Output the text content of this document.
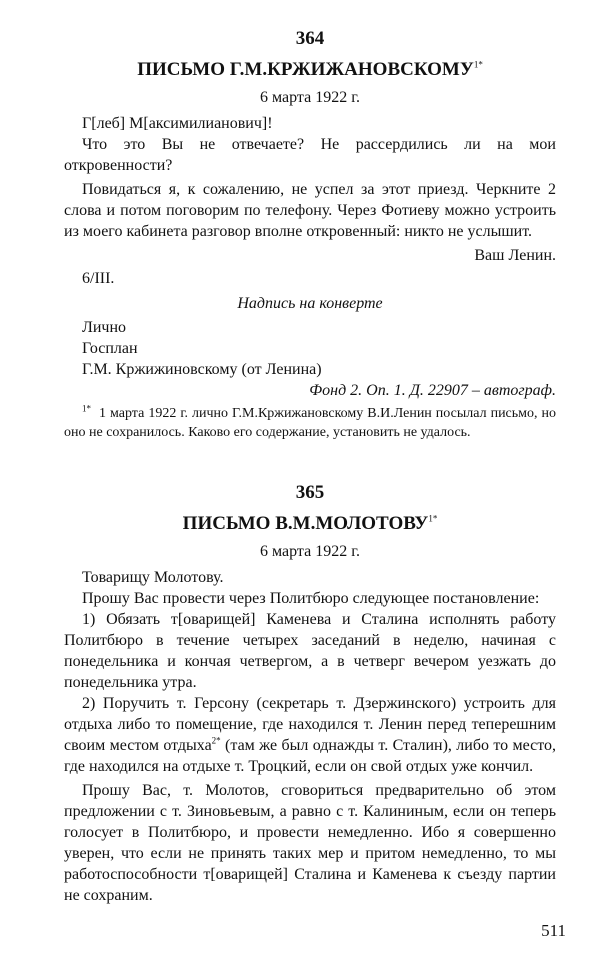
364
ПИСЬМО $Г.М.КРЖИЖАНОВСКОМУ^{1*}$
6 марта 1922 г.

Г[леб] М[аксимилианович]!

Что это Вы не отвечаете? Не рассердились ли на мои откровенности?

Повидаться я, к сожалению, не успел за этот приезд. Черкните 2 слова и потом поговорим по телефону. Через Фотиеву можно устроить из моего кабинета разговор вполне откровенный: никто не услышит.

Ваш Ленин.

6/III.

Надпись на конверте
Лично
Госплан
Г.М. Кржижиновскому (от Ленина)
Фонд 2. Оп. 1. Д. 22907 – автограф.
$^{1*}$ 1 марта 1922 г. лично Г.М.Кржижановскому В.И.Ленин посылал письмо, но оно не сохранилось. Каково его содержание, установить не удалось.
365
ПИСЬМО $В.М.МОЛОТОВУ^{1*}$
6 марта 1922 г.

Товарищу Молотову.

Прошу Вас провести через Политбюро следующее постановление:

1) Обязать т[оварищей] Каменева и Сталина исполнять работу Политбюро в течение четырех заседаний в неделю, начиная с понедельника и кончая четвергом, а в четверг вечером уезжать до понедельника утра.

2) Поручить т. Герсону (секретарь т. Дзержинского) устроить для отдыха либо то помещение, где находился т. Ленин перед теперешним своим местом отдыха$^{2*}$ (там же был однажды т. Сталин), либо то место, где находился на отдыхе т. Троцкий, если он свой отдых уже кончил.

Прошу Вас, т. Молотов, сговориться предварительно об этом предложении с т. Зиновьевым, а равно с т. Калининым, если он теперь голосует в Политбюро, и провести немедленно. Ибо я совершенно уверен, что если не принять таких мер и притом немедленно, то мы работоспособности т[оварищей] Сталина и Каменева к съезду партии не сохраним.

511
